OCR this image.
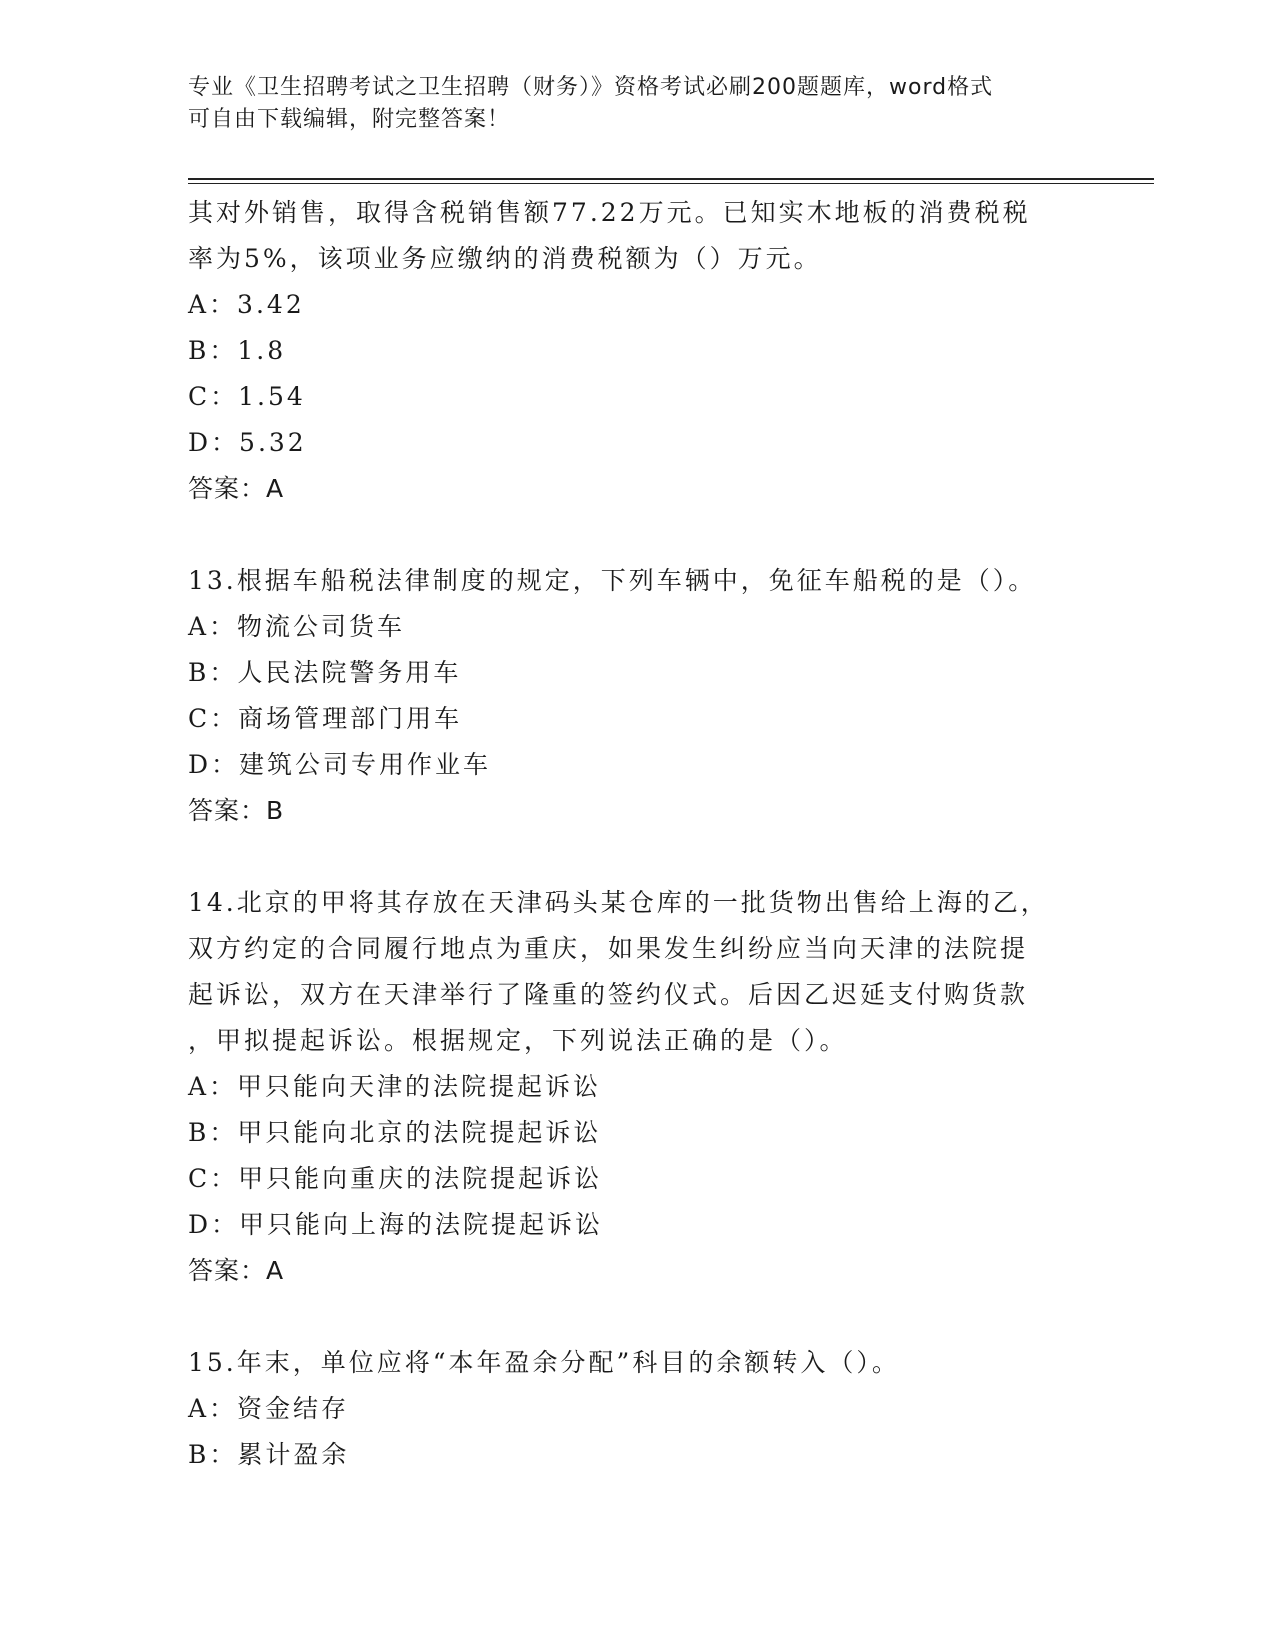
专业《卫生招聘考试之卫生招聘（财务）》资格考试必刷200题题库，word格式
可自由下载编辑，附完整答案！
其对外销售，取得含税销售额77.22万元。已知实木地板的消费税税
率为5%，该项业务应缴纳的消费税额为（）万元。
A：3.42
B：1.8
C：1.54
D：5.32
答案：A
13.根据车船税法律制度的规定，下列车辆中，免征车船税的是（）。
A：物流公司货车
B：人民法院警务用车
C：商场管理部门用车
D：建筑公司专用作业车
答案：B
14.北京的甲将其存放在天津码头某仓库的一批货物出售给上海的乙，
双方约定的合同履行地点为重庆，如果发生纠纷应当向天津的法院提
起诉讼，双方在天津举行了隆重的签约仪式。后因乙迟延支付购货款
，甲拟提起诉讼。根据规定，下列说法正确的是（）。
A：甲只能向天津的法院提起诉讼
B：甲只能向北京的法院提起诉讼
C：甲只能向重庆的法院提起诉讼
D：甲只能向上海的法院提起诉讼
答案：A
15.年末，单位应将“本年盈余分配”科目的余额转入（）。
A：资金结存
B：累计盈余
